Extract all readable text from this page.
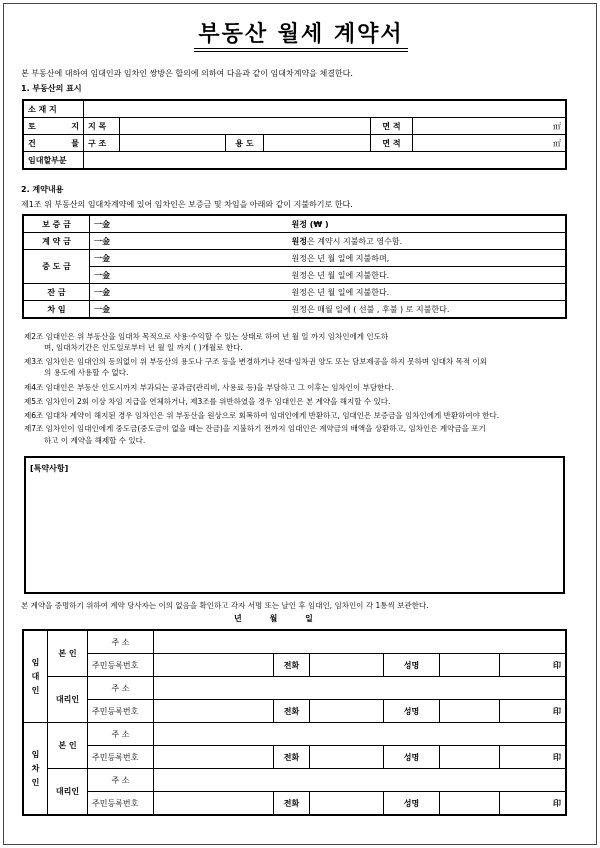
부동산 월세 계약서
본 부동산에 대하여 임대인과 임차인 쌍방은 합의에 의하여 다음과 같이 임대차계약을 체결한다.
1. 부동산의 표시
소 재 지							
토	지	지 목				면 적	㎡
건	물	구 조		용 도		면 적	㎡
임대할부분							
2. 계약내용
제1조 위 부동산의 임대차계약에 있어 임차인은 보증금 및 차임을 아래와 같이 지불하기로 한다.
보 증 금	一金	원정 (₩ )
계 약 금	一金	원정은 계약시 지불하고 영수함.
중 도 금	一金	원정은 년 월 일에 지불하며,
	一金	원정은 년 월 일에 지불한다.
잔 금	一金	원정은 년 월 일에 지불한다.
차 임	一金	원정은 매월 일에 ( 선불 , 후불 ) 로 지불한다.
제2조 임대인은 위 부동산을 임대차 목적으로 사용·수익할 수 있는 상태로 하여 년 월 일 까지 임차인에게 인도하
며, 임대차기간은 인도일로부터 년 월 일 까지 ( )개월로 한다.
제3조 임차인은 임대인의 동의없이 위 부동산의 용도나 구조 등을 변경하거나 전대·임차권 양도 또는 담보제공을 하지 못하며 임대차 목적 이외
의 용도에 사용할 수 없다.
제4조 임대인은 부동산 인도시까지 부과되는 공과금(관리비, 사용료 등)을 부담하고 그 이후는 임차인이 부담한다.
제5조 임차인이 2회 이상 차임 지급을 연체하거나, 제3조를 위반하였을 경우 임대인은 본 계약을 해지할 수 있다.
제6조 임대차 계약이 해지된 경우 임차인은 위 부동산을 원상으로 회복하여 임대인에게 반환하고, 임대인은 보증금을 임차인에게 반환하여야 한다.
제7조 임차인이 임대인에게 중도금(중도금이 없을 때는 잔금)을 지불하기 전까지 임대인은 계약금의 배액을 상환하고, 임차인은 계약금을 포기
하고 이 계약을 해제할 수 있다.
[특약사항]
본 계약을 증명하기 위하여 계약 당사자는 이의 없음을 확인하고 각자 서명 또는 날인 후 임대인, 임차인이 각 1통씩 보관한다.
년          월          일
임
대
인	본 인	주 소						
		주민등록번호		전화		성명		印
	대리인	주 소						
		주민등록번호		전화		성명		印
임
차
인	본 인	주 소						
		주민등록번호		전화		성명		印
	대리인	주 소						
		주민등록번호		전화		성명		印
